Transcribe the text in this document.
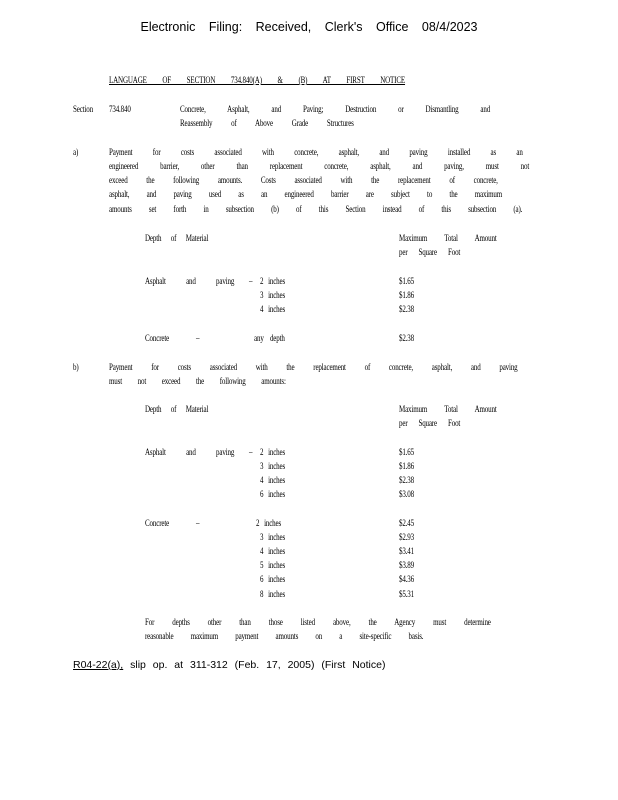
Electronic Filing: Received, Clerk's Office 08/4/2023
LANGUAGE OF SECTION 734.840(A) & (B) AT FIRST NOTICE
Section 734.840	Concrete, Asphalt, and Paving; Destruction or Dismantling and
Reassembly of Above Grade Structures
a)	Payment for costs associated with concrete, asphalt, and paving installed as an
engineered barrier, other than replacement concrete, asphalt, and paving, must not
exceed the following amounts. Costs associated with the replacement of concrete,
asphalt, and paving used as an engineered barrier are subject to the maximum
amounts set forth in subsection (b) of this Section instead of this subsection (a).
Depth of Material	Maximum Total Amount
per Square Foot
Asphalt and paving – 2 inches	$1.65
3 inches	$1.86
4 inches	$2.38
Concrete	–	any depth	$2.38
b)	Payment for costs associated with the replacement of concrete, asphalt, and paving
must not exceed the following amounts:
Depth of Material	Maximum Total Amount
per Square Foot
Asphalt and paving – 2 inches	$1.65
3 inches	$1.86
4 inches	$2.38
6 inches	$3.08
Concrete	–	2 inches	$2.45
3 inches	$2.93
4 inches	$3.41
5 inches	$3.89
6 inches	$4.36
8 inches	$5.31
For depths other than those listed above, the Agency must determine
reasonable maximum payment amounts on a site-specific basis.
R04-22(a), slip op. at 311-312 (Feb. 17, 2005) (First Notice)
